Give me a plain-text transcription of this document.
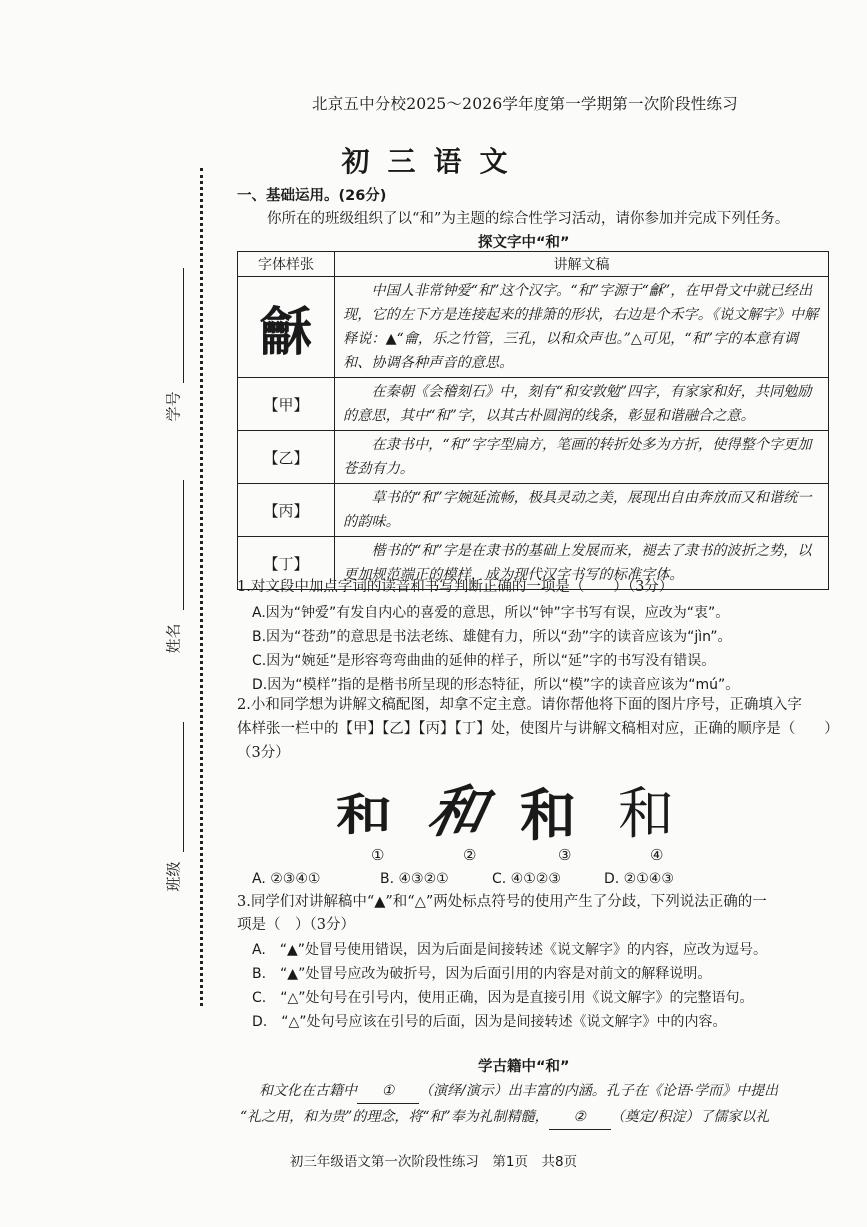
学号
姓名
班级
北京五中分校2025～2026学年度第一学期第一次阶段性练习
初三语文
一、基础运用。(26分)
你所在的班级组织了以“和”为主题的综合性学习活动，请你参加并完成下列任务。
探文字中“和”
字体样张	讲解文稿
龢	中国人非常钟爱“和”这个汉字。“和”字源于“龢”，在甲骨文中就已经出现，它的左下方是连接起来的排箫的形状，右边是个禾字。《说文解字》中解释说：▲“龠，乐之竹管，三孔，以和众声也。”△可见，“和”字的本意有调和、协调各种声音的意思。
【甲】	在秦朝《会稽刻石》中，刻有“和安敦勉”四字，有家家和好，共同勉励的意思，其中“和”字，以其古朴圆润的线条，彰显和谐融合之意。
【乙】	在隶书中，“和”字字型扁方，笔画的转折处多为方折，使得整个字更加苍劲有力。
【丙】	草书的“和”字婉延流畅，极具灵动之美，展现出自由奔放而又和谐统一的韵味。
【丁】	楷书的“和”字是在隶书的基础上发展而来，褪去了隶书的波折之势，以更加规范端正的模样，成为现代汉字书写的标准字体。
1.对文段中加点字词的读音和书写判断正确的一项是（　　）（3分）
A.因为“钟爱”有发自内心的喜爱的意思，所以“钟”字书写有误，应改为“衷”。
B.因为“苍劲”的意思是书法老练、雄健有力，所以“劲”字的读音应该为“jìn”。
C.因为“婉延”是形容弯弯曲曲的延伸的样子，所以“延”字的书写没有错误。
D.因为“模样”指的是楷书所呈现的形态特征，所以“模”字的读音应该为“mú”。
2.小和同学想为讲解文稿配图，却拿不定主意。请你帮他将下面的图片序号，正确填入字
体样张一栏中的【甲】【乙】【丙】【丁】处，使图片与讲解文稿相对应，正确的顺序是（　　）
（3分）
和 和 和 和
①	②	③	④
A. ②③④①	B. ④③②①	C. ④①②③	D. ②①④③
3.同学们对讲解稿中“▲”和“△”两处标点符号的使用产生了分歧，下列说法正确的一
项是（　）（3分）
A.　“▲”处冒号使用错误，因为后面是间接转述《说文解字》的内容，应改为逗号。
B.　“▲”处冒号应改为破折号，因为后面引用的内容是对前文的解释说明。
C.　“△”处句号在引号内，使用正确，因为是直接引用《说文解字》的完整语句。
D.　“△”处句号应该在引号的后面，因为是间接转述《说文解字》中的内容。
学古籍中“和”
和文化在古籍中 ① （演绎/演示）出丰富的内涵。孔子在《论语·学而》中提出
“礼之用，和为贵”的理念，将“和”奉为礼制精髓， ② （奠定/积淀）了儒家以礼
初三年级语文第一次阶段性练习　第1页　共8页
